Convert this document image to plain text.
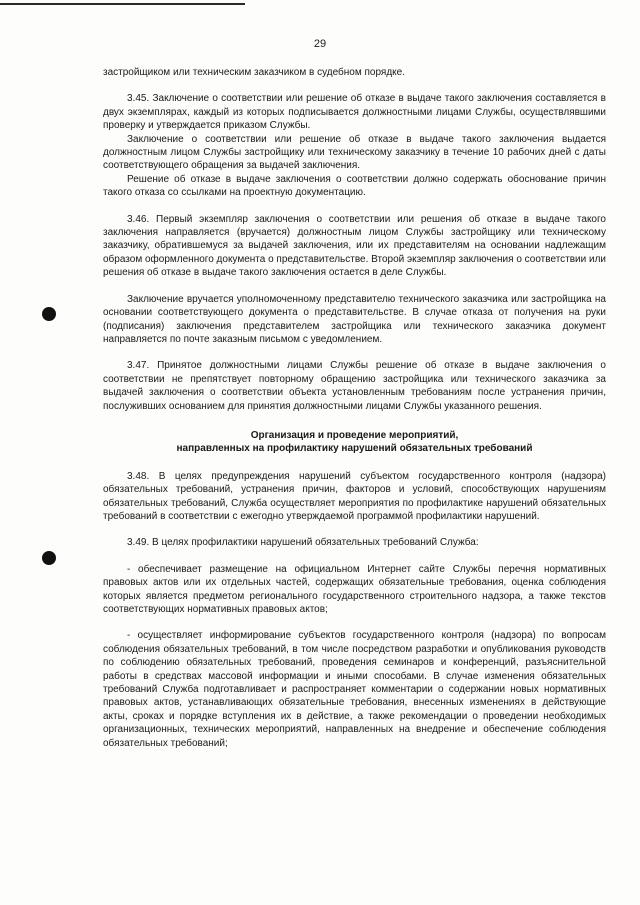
29

застройщиком или техническим заказчиком в судебном порядке.

3.45. Заключение о соответствии или решение об отказе в выдаче такого заключения составляется в двух экземплярах, каждый из которых подписывается должностными лицами Службы, осуществлявшими проверку и утверждается приказом Службы.

Заключение о соответствии или решение об отказе в выдаче такого заключения выдается должностным лицом Службы застройщику или техническому заказчику в течение 10 рабочих дней с даты соответствующего обращения за выдачей заключения.

Решение об отказе в выдаче заключения о соответствии должно содержать обоснование причин такого отказа со ссылками на проектную документацию.

3.46. Первый экземпляр заключения о соответствии или решения об отказе в выдаче такого заключения направляется (вручается) должностным лицом Службы застройщику или техническому заказчику, обратившемуся за выдачей заключения, или их представителям на основании надлежащим образом оформленного документа о представительстве. Второй экземпляр заключения о соответствии или решения об отказе в выдаче такого заключения остается в деле Службы.

Заключение вручается уполномоченному представителю технического заказчика или застройщика на основании соответствующего документа о представительстве. В случае отказа от получения на руки (подписания) заключения представителем застройщика или технического заказчика документ направляется по почте заказным письмом с уведомлением.

3.47. Принятое должностными лицами Службы решение об отказе в выдаче заключения о соответствии не препятствует повторному обращению застройщика или технического заказчика за выдачей заключения о соответствии объекта установленным требованиям после устранения причин, послуживших основанием для принятия должностными лицами Службы указанного решения.

Организация и проведение мероприятий,
направленных на профилактику нарушений обязательных требований

3.48. В целях предупреждения нарушений субъектом государственного контроля (надзора) обязательных требований, устранения причин, факторов и условий, способствующих нарушениям обязательных требований, Служба осуществляет мероприятия по профилактике нарушений обязательных требований в соответствии с ежегодно утверждаемой программой профилактики нарушений.

3.49. В целях профилактики нарушений обязательных требований Служба:

- обеспечивает размещение на официальном Интернет сайте Службы перечня нормативных правовых актов или их отдельных частей, содержащих обязательные требования, оценка соблюдения которых является предметом регионального государственного строительного надзора, а также текстов соответствующих нормативных правовых актов;

- осуществляет информирование субъектов государственного контроля (надзора) по вопросам соблюдения обязательных требований, в том числе посредством разработки и опубликования руководств по соблюдению обязательных требований, проведения семинаров и конференций, разъяснительной работы в средствах массовой информации и иными способами. В случае изменения обязательных требований Служба подготавливает и распространяет комментарии о содержании новых нормативных правовых актов, устанавливающих обязательные требования, внесенных изменениях в действующие акты, сроках и порядке вступления их в действие, а также рекомендации о проведении необходимых организационных, технических мероприятий, направленных на внедрение и обеспечение соблюдения обязательных требований;
